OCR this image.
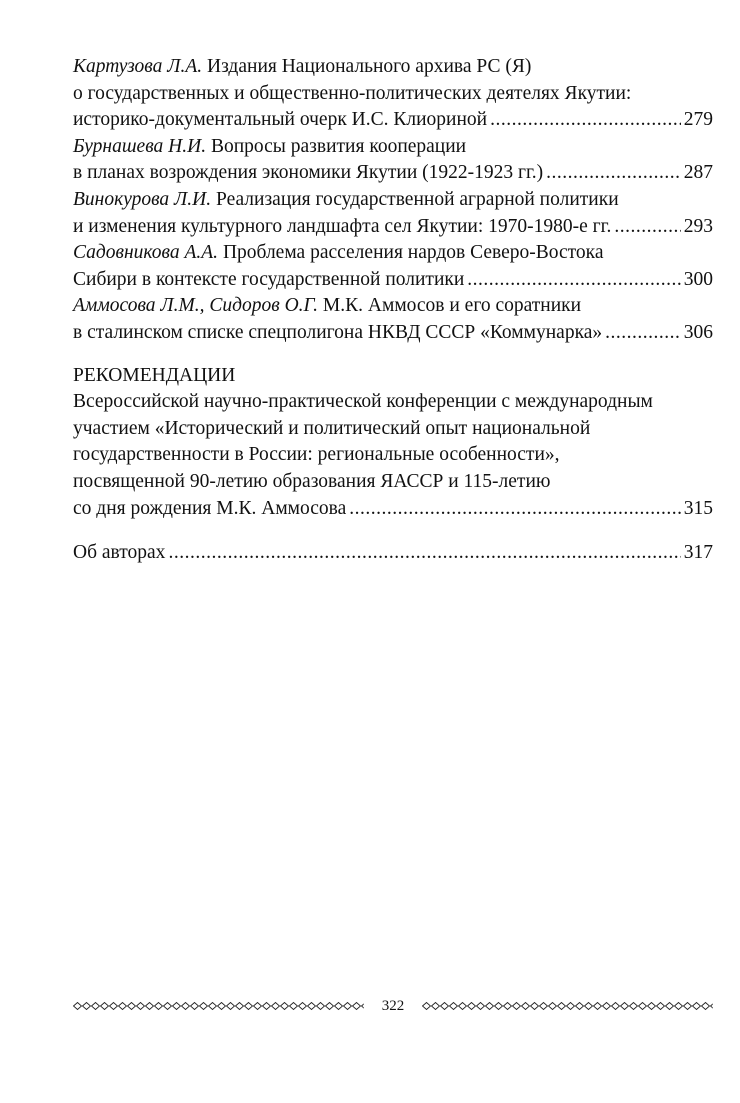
Картузова Л.А.
Издания Национального архива РС (Я)
о государственных и общественно-политических деятелях Якутии:
историко-документальный очерк И.С. Клиориной .....	279
Бурнашева Н.И.
Вопросы развития кооперации
в планах возрождения экономики Якутии (1922-1923 гг.) .....	287
Винокурова Л.И.
Реализация государственной аграрной политики
и изменения культурного ландшафта сел Якутии: 1970-1980-е гг. .....	293
Садовникова А.А.
Проблема расселения нардов Северо-Востока
Сибири в контексте государственной политики .....	300
Аммосова Л.М., Сидоров О.Г.
М.К. Аммосов и его соратники
в сталинском списке спецполигона НКВД СССР «Коммунарка» .....	306
РЕКОМЕНДАЦИИ
Всероссийской научно-практической конференции с международным
участием «Исторический и политический опыт национальной
государственности в России: региональные особенности»,
посвященной 90-летию образования ЯАССР и 115-летию
со дня рождения М.К. Аммосова .....	315
Об авторах .....	317
322
